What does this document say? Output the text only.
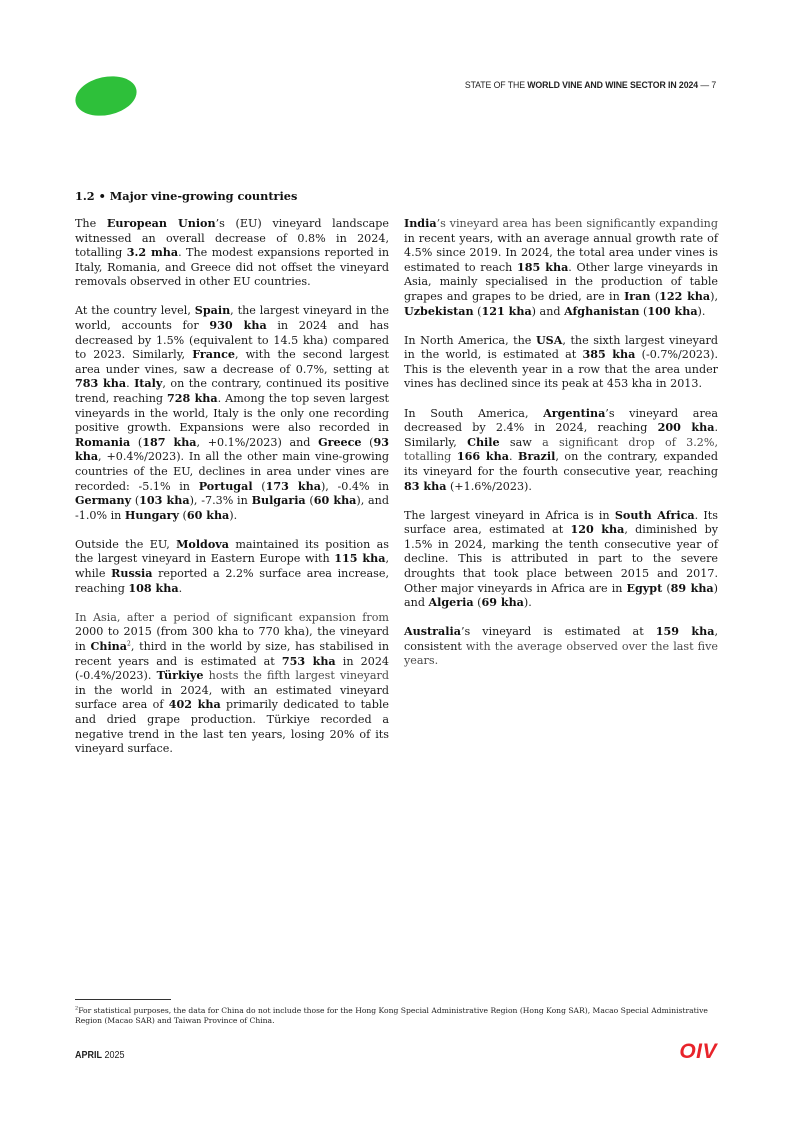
STATE OF THE WORLD VINE AND WINE SECTOR IN 2024 — 7
1.2 • Major vine-growing countries

The European Union’s (EU) vineyard landscape witnessed an overall decrease of 0.8% in 2024, totalling 3.2 mha. The modest expansions reported in Italy, Romania, and Greece did not offset the vineyard removals observed in other EU countries.

At the country level, Spain, the largest vineyard in the world, accounts for 930 kha in 2024 and has decreased by 1.5% (equivalent to 14.5 kha) compared to 2023. Similarly, France, with the second largest area under vines, saw a decrease of 0.7%, setting at 783 kha. Italy, on the contrary, continued its positive trend, reaching 728 kha. Among the top seven largest vineyards in the world, Italy is the only one recording positive growth. Expansions were also recorded in Romania (187 kha, +0.1%/2023) and Greece (93 kha, +0.4%/2023). In all the other main vine-growing countries of the EU, declines in area under vines are recorded: -5.1% in Portugal (173 kha), -0.4% in Germany (103 kha), -7.3% in Bulgaria (60 kha), and -1.0% in Hungary (60 kha).

Outside the EU, Moldova maintained its position as the largest vineyard in Eastern Europe with 115 kha, while Russia reported a 2.2% surface area increase, reaching 108 kha.

In Asia, after a period of significant expansion from 2000 to 2015 (from 300 kha to 770 kha), the vineyard in China$^2$, third in the world by size, has stabilised in recent years and is estimated at 753 kha in 2024 (-0.4%/2023). Türkiye hosts the fifth largest vineyard in the world in 2024, with an estimated vineyard surface area of 402 kha primarily dedicated to table and dried grape production. Türkiye recorded a negative trend in the last ten years, losing 20% of its vineyard surface.

India’s vineyard area has been significantly expanding in recent years, with an average annual growth rate of 4.5% since 2019. In 2024, the total area under vines is estimated to reach 185 kha. Other large vineyards in Asia, mainly specialised in the production of table grapes and grapes to be dried, are in Iran (122 kha), Uzbekistan (121 kha) and Afghanistan (100 kha).

In North America, the USA, the sixth largest vineyard in the world, is estimated at 385 kha (-0.7%/2023). This is the eleventh year in a row that the area under vines has declined since its peak at 453 kha in 2013.

In South America, Argentina’s vineyard area decreased by 2.4% in 2024, reaching 200 kha. Similarly, Chile saw a significant drop of 3.2%, totalling 166 kha. Brazil, on the contrary, expanded its vineyard for the fourth consecutive year, reaching 83 kha (+1.6%/2023).

The largest vineyard in Africa is in South Africa. Its surface area, estimated at 120 kha, diminished by 1.5% in 2024, marking the tenth consecutive year of decline. This is attributed in part to the severe droughts that took place between 2015 and 2017. Other major vineyards in Africa are in Egypt (89 kha) and Algeria (69 kha).

Australia’s vineyard is estimated at 159 kha, consistent with the average observed over the last five years.

$^2$For statistical purposes, the data for China do not include those for the Hong Kong Special Administrative Region (Hong Kong SAR), Macao Special Administrative Region (Macao SAR) and Taiwan Province of China.
APRIL 2025	OIV
